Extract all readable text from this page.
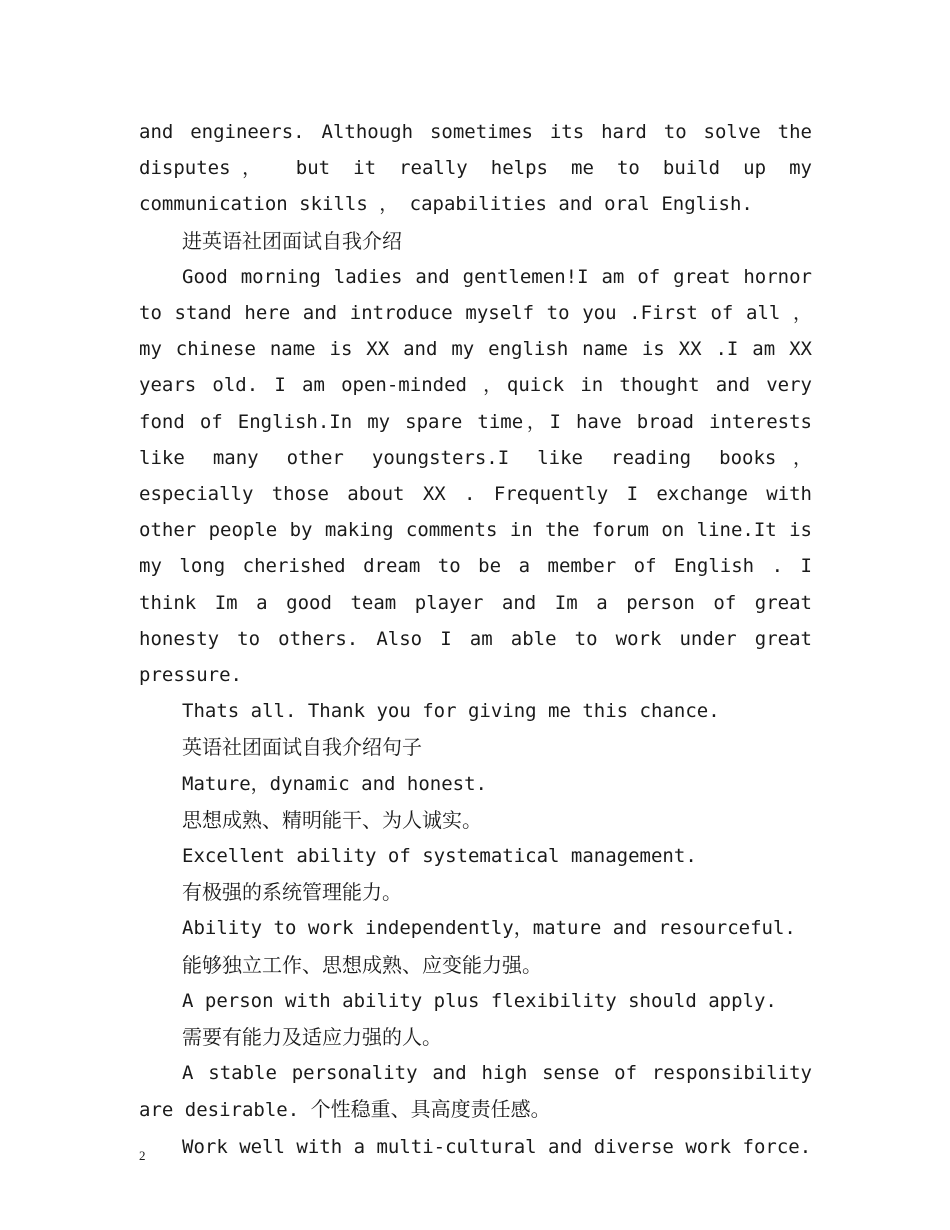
and engineers. Although sometimes its hard to solve the disputes， but it really helps me to build up my communication skills ， capabilities and oral English.

进英语社团面试自我介绍

Good morning ladies and gentlemen!I am of great hornor to stand here and introduce myself to you .First of all ， my chinese name is XX and my english name is XX .I am XX years old. I am open-minded ，quick in thought and very fond of English.In my spare time，I have broad interests like many other youngsters.I like reading books， especially those about XX . Frequently I exchange with other people by making comments in the forum on line.It is my long cherished dream to be a member of English . I think Im a good team player and Im a person of great honesty to others. Also I am able to work under great pressure.

Thats all. Thank you for giving me this chance.

英语社团面试自我介绍句子

Mature，dynamic and honest.

思想成熟、精明能干、为人诚实。

Excellent ability of systematical management.

有极强的系统管理能力。

Ability to work independently，mature and resourceful.

能够独立工作、思想成熟、应变能力强。

A person with ability plus flexibility should apply.

需要有能力及适应力强的人。

A stable personality and high sense of responsibility are desirable. 个性稳重、具高度责任感。

Work well with a multi-cultural and diverse work force.

2
